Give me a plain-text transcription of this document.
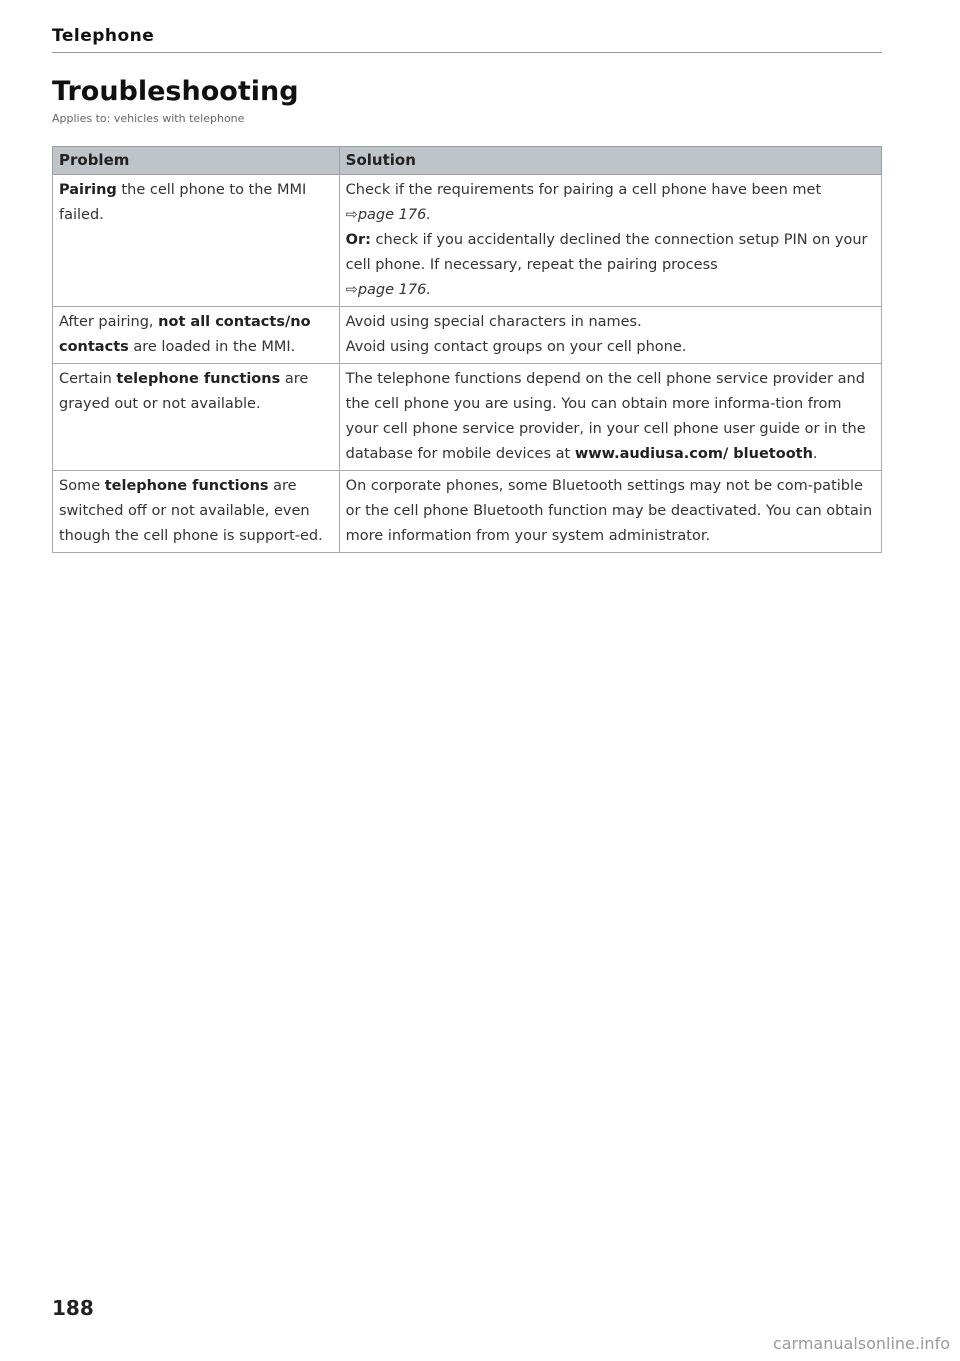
Telephone
Troubleshooting
Applies to: vehicles with telephone
Problem	Solution
Pairing the cell phone to the MMI failed.	Check if the requirements for pairing a cell phone have been met
⇨page 176.
Or: check if you accidentally declined the connection setup PIN on your cell phone. If necessary, repeat the pairing process
⇨page 176.

After pairing, not all contacts/no contacts are loaded in the MMI.	Avoid using special characters in names.
Avoid using contact groups on your cell phone.

Certain telephone functions are grayed out or not available.	The telephone functions depend on the cell phone service provider and the cell phone you are using. You can obtain more informa-tion from your cell phone service provider, in your cell phone user guide or in the database for mobile devices at www.audiusa.com/ bluetooth.
Some telephone functions are switched off or not available, even though the cell phone is support-ed.	On corporate phones, some Bluetooth settings may not be com-patible or the cell phone Bluetooth function may be deactivated. You can obtain more information from your system administrator.
188
carmanualsonline.info
